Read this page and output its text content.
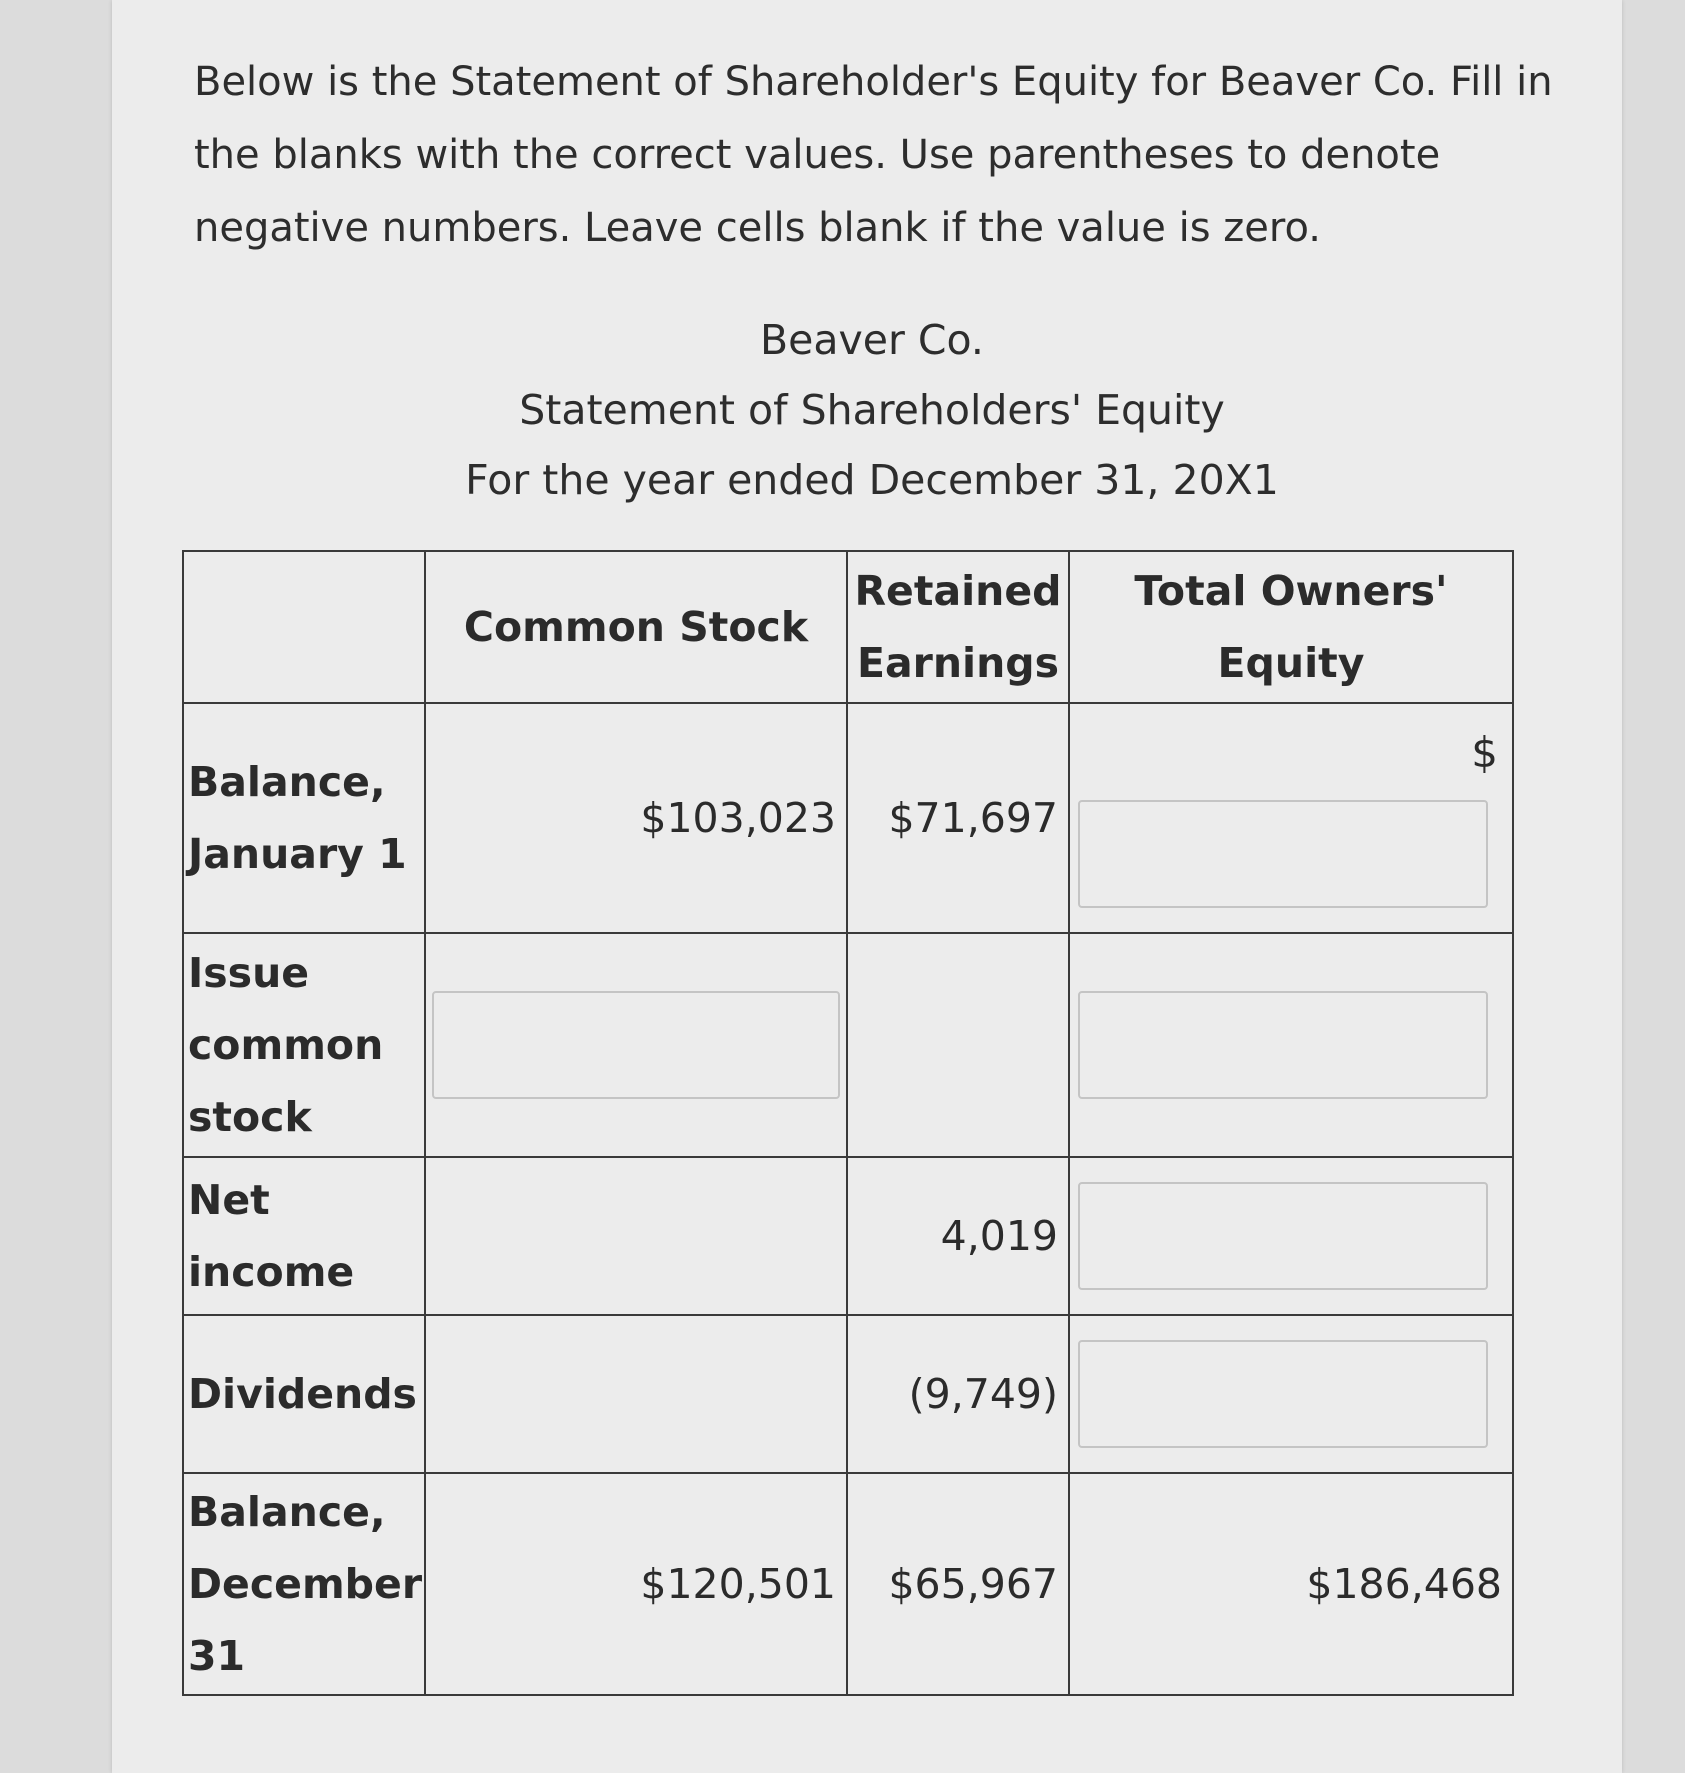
Below is the Statement of Shareholder's Equity for Beaver Co. Fill in the blanks with the correct values. Use parentheses to denote negative numbers. Leave cells blank if the value is zero.
Beaver Co.
Statement of Shareholders' Equity
For the year ended December 31, 20X1
	Common Stock	Retained Earnings	Total Owners' Equity
Balance, January 1	$103,023	$71,697	$

Issue common stock	

Net income		4,019	

Dividends		(9,749)	

Balance, December 31	$120,501	$65,967	$186,468
